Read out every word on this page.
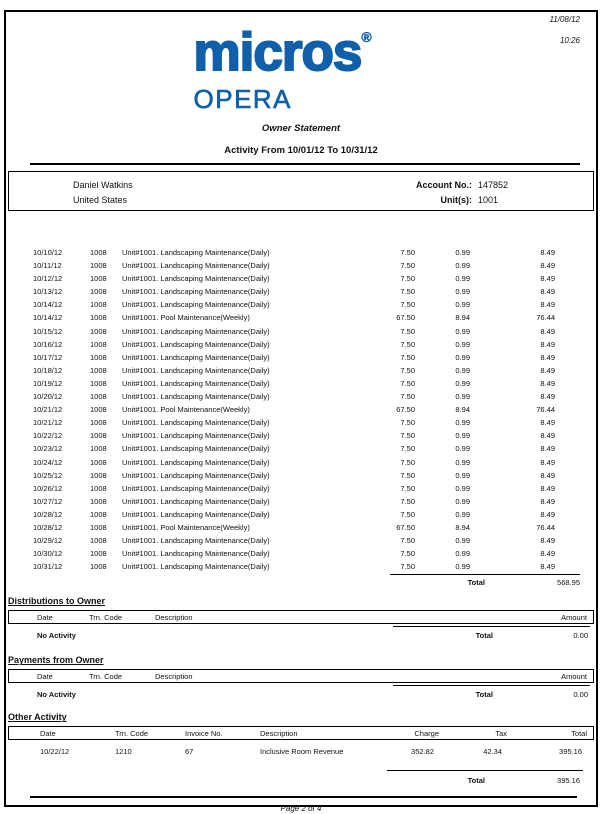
11/08/12
10:26
micros®
OPERA
Owner Statement
Activity From 10/01/12 To 10/31/12
Daniel Watkins
United States
Account No.: 147852
Unit(s): 1001
10/10/12	1008	Unit#1001. Landscaping Maintenance(Daily)	7.50	0.99	8.49
10/11/12	1008	Unit#1001. Landscaping Maintenance(Daily)	7.50	0.99	8.49
10/12/12	1008	Unit#1001. Landscaping Maintenance(Daily)	7.50	0.99	8.49
10/13/12	1008	Unit#1001. Landscaping Maintenance(Daily)	7.50	0.99	8.49
10/14/12	1008	Unit#1001. Landscaping Maintenance(Daily)	7.50	0.99	8.49
10/14/12	1008	Unit#1001. Pool Maintenance(Weekly)	67.50	8.94	76.44
10/15/12	1008	Unit#1001. Landscaping Maintenance(Daily)	7.50	0.99	8.49
10/16/12	1008	Unit#1001. Landscaping Maintenance(Daily)	7.50	0.99	8.49
10/17/12	1008	Unit#1001. Landscaping Maintenance(Daily)	7.50	0.99	8.49
10/18/12	1008	Unit#1001. Landscaping Maintenance(Daily)	7.50	0.99	8.49
10/19/12	1008	Unit#1001. Landscaping Maintenance(Daily)	7.50	0.99	8.49
10/20/12	1008	Unit#1001. Landscaping Maintenance(Daily)	7.50	0.99	8.49
10/21/12	1008	Unit#1001. Pool Maintenance(Weekly)	67.50	8.94	76.44
10/21/12	1008	Unit#1001. Landscaping Maintenance(Daily)	7.50	0.99	8.49
10/22/12	1008	Unit#1001. Landscaping Maintenance(Daily)	7.50	0.99	8.49
10/23/12	1008	Unit#1001. Landscaping Maintenance(Daily)	7.50	0.99	8.49
10/24/12	1008	Unit#1001. Landscaping Maintenance(Daily)	7.50	0.99	8.49
10/25/12	1008	Unit#1001. Landscaping Maintenance(Daily)	7.50	0.99	8.49
10/26/12	1008	Unit#1001. Landscaping Maintenance(Daily)	7.50	0.99	8.49
10/27/12	1008	Unit#1001. Landscaping Maintenance(Daily)	7.50	0.99	8.49
10/28/12	1008	Unit#1001. Landscaping Maintenance(Daily)	7.50	0.99	8.49
10/28/12	1008	Unit#1001. Pool Maintenance(Weekly)	67.50	8.94	76.44
10/29/12	1008	Unit#1001. Landscaping Maintenance(Daily)	7.50	0.99	8.49
10/30/12	1008	Unit#1001. Landscaping Maintenance(Daily)	7.50	0.99	8.49
10/31/12	1008	Unit#1001. Landscaping Maintenance(Daily)	7.50	0.99	8.49
Total	568.95
Distributions to Owner
Date	Trn. Code	Description	Amount
No Activity	Total	0.00
Payments from Owner
Date	Trn. Code	Description	Amount
No Activity	Total	0.00
Other Activity
Date	Trn. Code	Invoice No.	Description	Charge	Tax	Total
10/22/12	1210	67	Inclusive Room Revenue	352.82	42.34	395.16
Total	395.16
Page 2 of 4
